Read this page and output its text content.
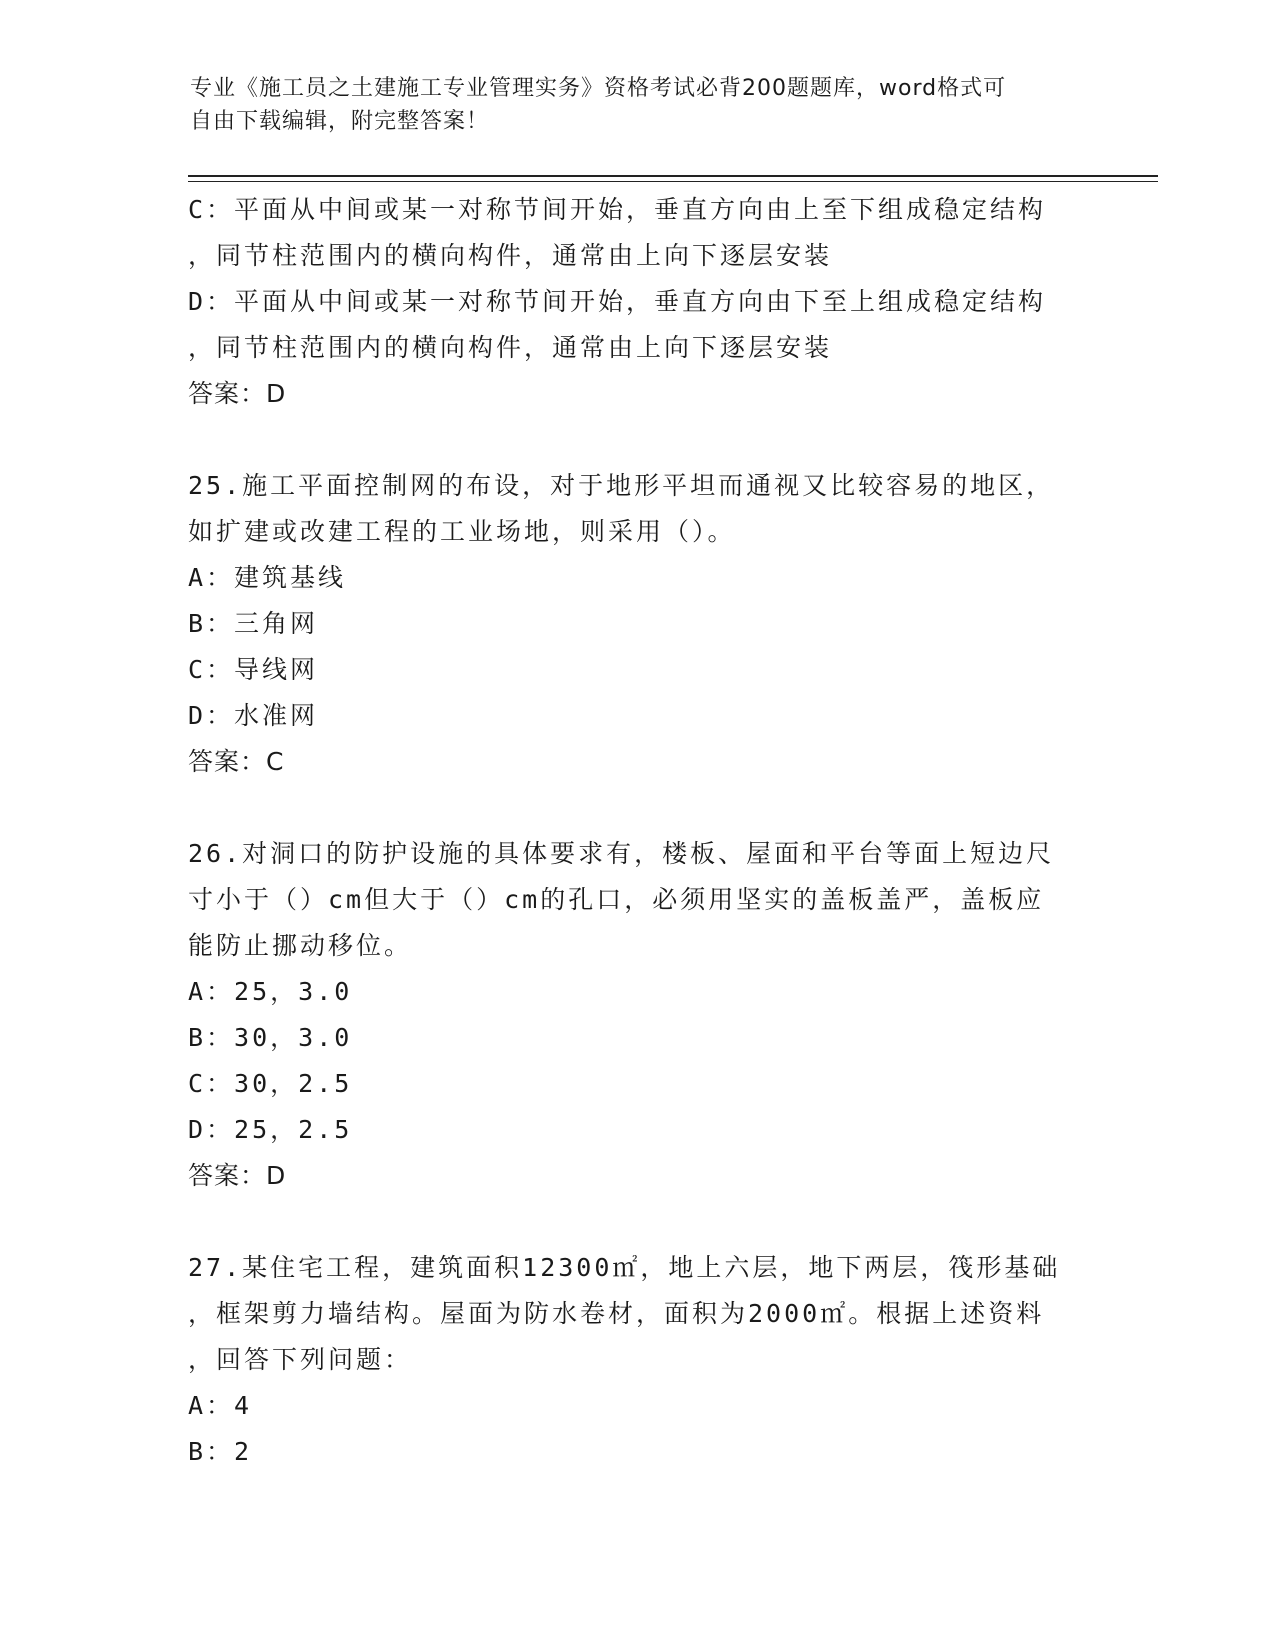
专业《施工员之土建施工专业管理实务》资格考试必背200题题库，word格式可
自由下载编辑，附完整答案！
C：平面从中间或某一对称节间开始，垂直方向由上至下组成稳定结构
，同节柱范围内的横向构件，通常由上向下逐层安装
D：平面从中间或某一对称节间开始，垂直方向由下至上组成稳定结构
，同节柱范围内的横向构件，通常由上向下逐层安装
答案：D
25.施工平面控制网的布设，对于地形平坦而通视又比较容易的地区，
如扩建或改建工程的工业场地，则采用（）。
A：建筑基线
B：三角网
C：导线网
D：水准网
答案：C
26.对洞口的防护设施的具体要求有，楼板、屋面和平台等面上短边尺
寸小于（）cm但大于（）cm的孔口，必须用坚实的盖板盖严，盖板应
能防止挪动移位。
A：25，3.0
B：30，3.0
C：30，2.5
D：25，2.5
答案：D
27.某住宅工程，建筑面积12300㎡，地上六层，地下两层，筏形基础
，框架剪力墙结构。屋面为防水卷材，面积为2000㎡。根据上述资料
，回答下列问题：
A：4
B：2
